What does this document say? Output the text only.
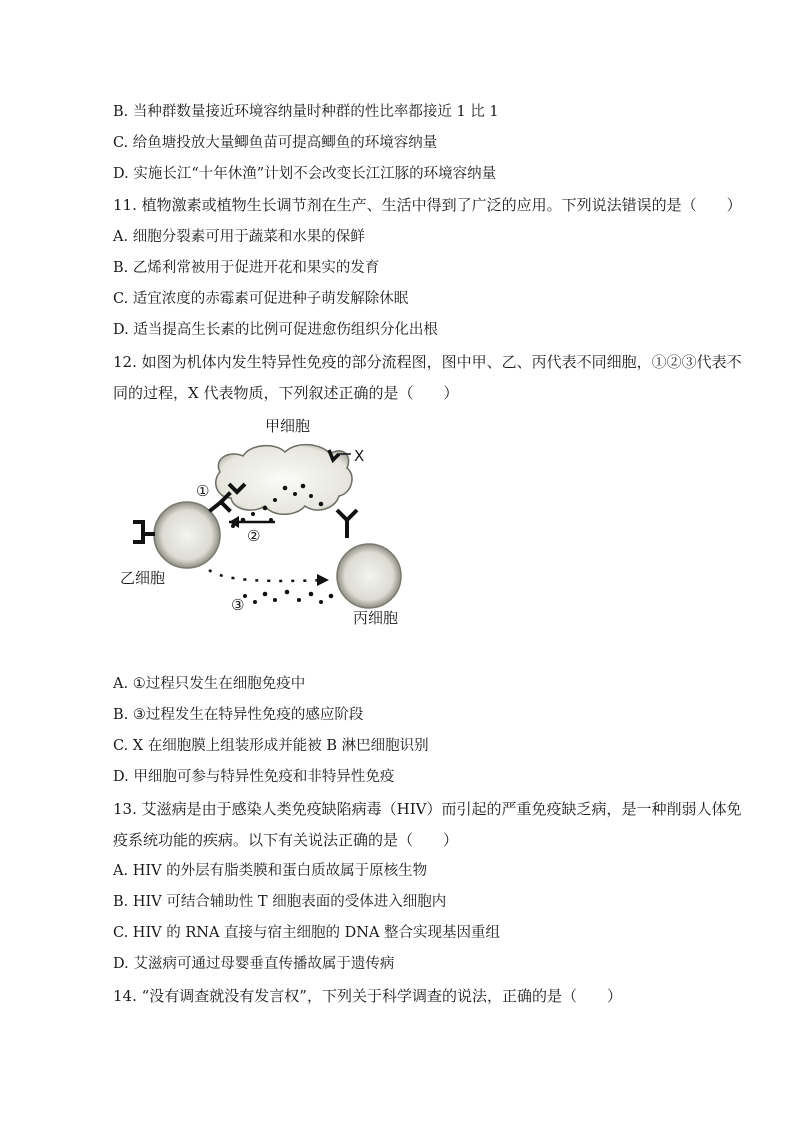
B. 当种群数量接近环境容纳量时种群的性比率都接近 1 比 1
C. 给鱼塘投放大量鲫鱼苗可提高鲫鱼的环境容纳量
D. 实施长江“十年休渔”计划不会改变长江江豚的环境容纳量
11. 植物激素或植物生长调节剂在生产、生活中得到了广泛的应用。下列说法错误的是（　　）
A. 细胞分裂素可用于蔬菜和水果的保鲜
B. 乙烯利常被用于促进开花和果实的发育
C. 适宜浓度的赤霉素可促进种子萌发解除休眠
D. 适当提高生长素的比例可促进愈伤组织分化出根
12. 如图为机体内发生特异性免疫的部分流程图，图中甲、乙、丙代表不同细胞，①②③代表不
同的过程，X 代表物质，下列叙述正确的是（　　）
甲细胞
X
①
②
乙细胞
③
丙细胞
A. ①过程只发生在细胞免疫中
B. ③过程发生在特异性免疫的感应阶段
C. X 在细胞膜上组装形成并能被 B 淋巴细胞识别
D. 甲细胞可参与特异性免疫和非特异性免疫
13. 艾滋病是由于感染人类免疫缺陷病毒（HIV）而引起的严重免疫缺乏病，是一种削弱人体免
疫系统功能的疾病。以下有关说法正确的是（　　）
A. HIV 的外层有脂类膜和蛋白质故属于原核生物
B. HIV 可结合辅助性 T 细胞表面的受体进入细胞内
C. HIV 的 RNA 直接与宿主细胞的 DNA 整合实现基因重组
D. 艾滋病可通过母婴垂直传播故属于遗传病
14. “没有调查就没有发言权”，下列关于科学调查的说法，正确的是（　　）
